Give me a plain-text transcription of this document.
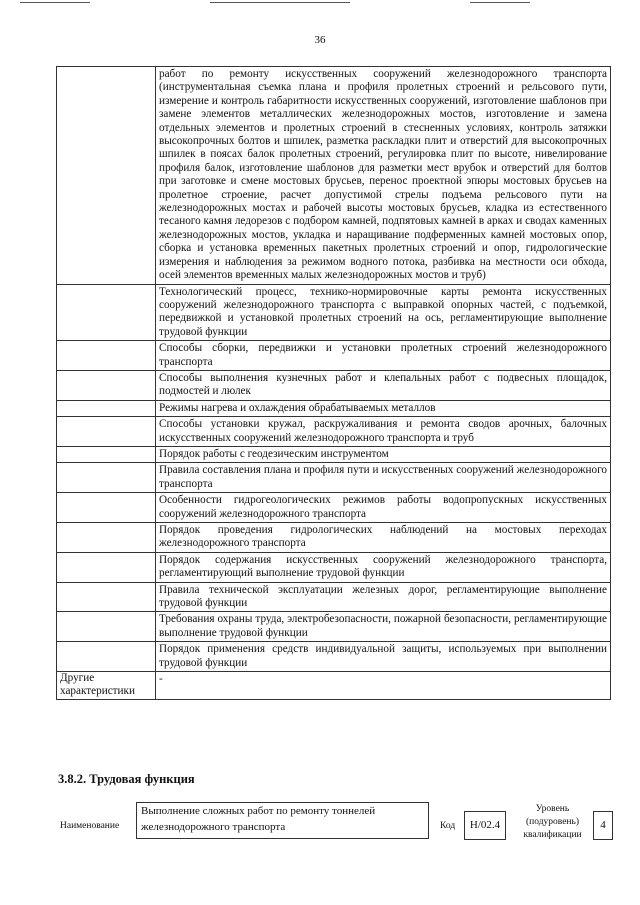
36
	работ по ремонту искусственных сооружений железнодорожного транспорта (инструментальная съемка плана и профиля пролетных строений и рельсового пути, измерение и контроль габаритности искусственных сооружений, изготовление шаблонов при замене элементов металлических железнодорожных мостов, изготовление и замена отдельных элементов и пролетных строений в стесненных условиях, контроль затяжки высокопрочных болтов и шпилек, разметка раскладки плит и отверстий для высокопрочных шпилек в поясах балок пролетных строений, регулировка плит по высоте, нивелирование профиля балок, изготовление шаблонов для разметки мест врубок и отверстий для болтов при заготовке и смене мостовых брусьев, перенос проектной эпюры мостовых брусьев на пролетное строение, расчет допустимой стрелы подъема рельсового пути на железнодорожных мостах и рабочей высоты мостовых брусьев, кладка из естественного тесаного камня ледорезов с подбором камней, подпятовых камней в арках и сводах каменных железнодорожных мостов, укладка и наращивание подферменных камней мостовых опор, сборка и установка временных пакетных пролетных строений и опор, гидрологические измерения и наблюдения за режимом водного потока, разбивка на местности оси обхода, осей элементов временных малых железнодорожных мостов и труб)
	Технологический процесс, технико-нормировочные карты ремонта искусственных сооружений железнодорожного транспорта с выправкой опорных частей, с подъемкой, передвижкой и установкой пролетных строений на ось, регламентирующие выполнение трудовой функции
	Способы сборки, передвижки и установки пролетных строений железнодорожного транспорта
	Способы выполнения кузнечных работ и клепальных работ с подвесных площадок, подмостей и люлек
	Режимы нагрева и охлаждения обрабатываемых металлов
	Способы установки кружал, раскружаливания и ремонта сводов арочных, балочных искусственных сооружений железнодорожного транспорта и труб
	Порядок работы с геодезическим инструментом
	Правила составления плана и профиля пути и искусственных сооружений железнодорожного транспорта
	Особенности гидрогеологических режимов работы водопропускных искусственных сооружений железнодорожного транспорта
	Порядок проведения гидрологических наблюдений на мостовых переходах железнодорожного транспорта
	Порядок содержания искусственных сооружений железнодорожного транспорта, регламентирующий выполнение трудовой функции
	Правила технической эксплуатации железных дорог, регламентирующие выполнение трудовой функции
	Требования охраны труда, электробезопасности, пожарной безопасности, регламентирующие выполнение трудовой функции
	Порядок применения средств индивидуальной защиты, используемых при выполнении трудовой функции
Другие характеристики	-
3.8.2. Трудовая функция
Наименование
Выполнение сложных работ по ремонту тоннелей железнодорожного транспорта	Код	Н/02.4
Уровень (подуровень) квалификации
4
